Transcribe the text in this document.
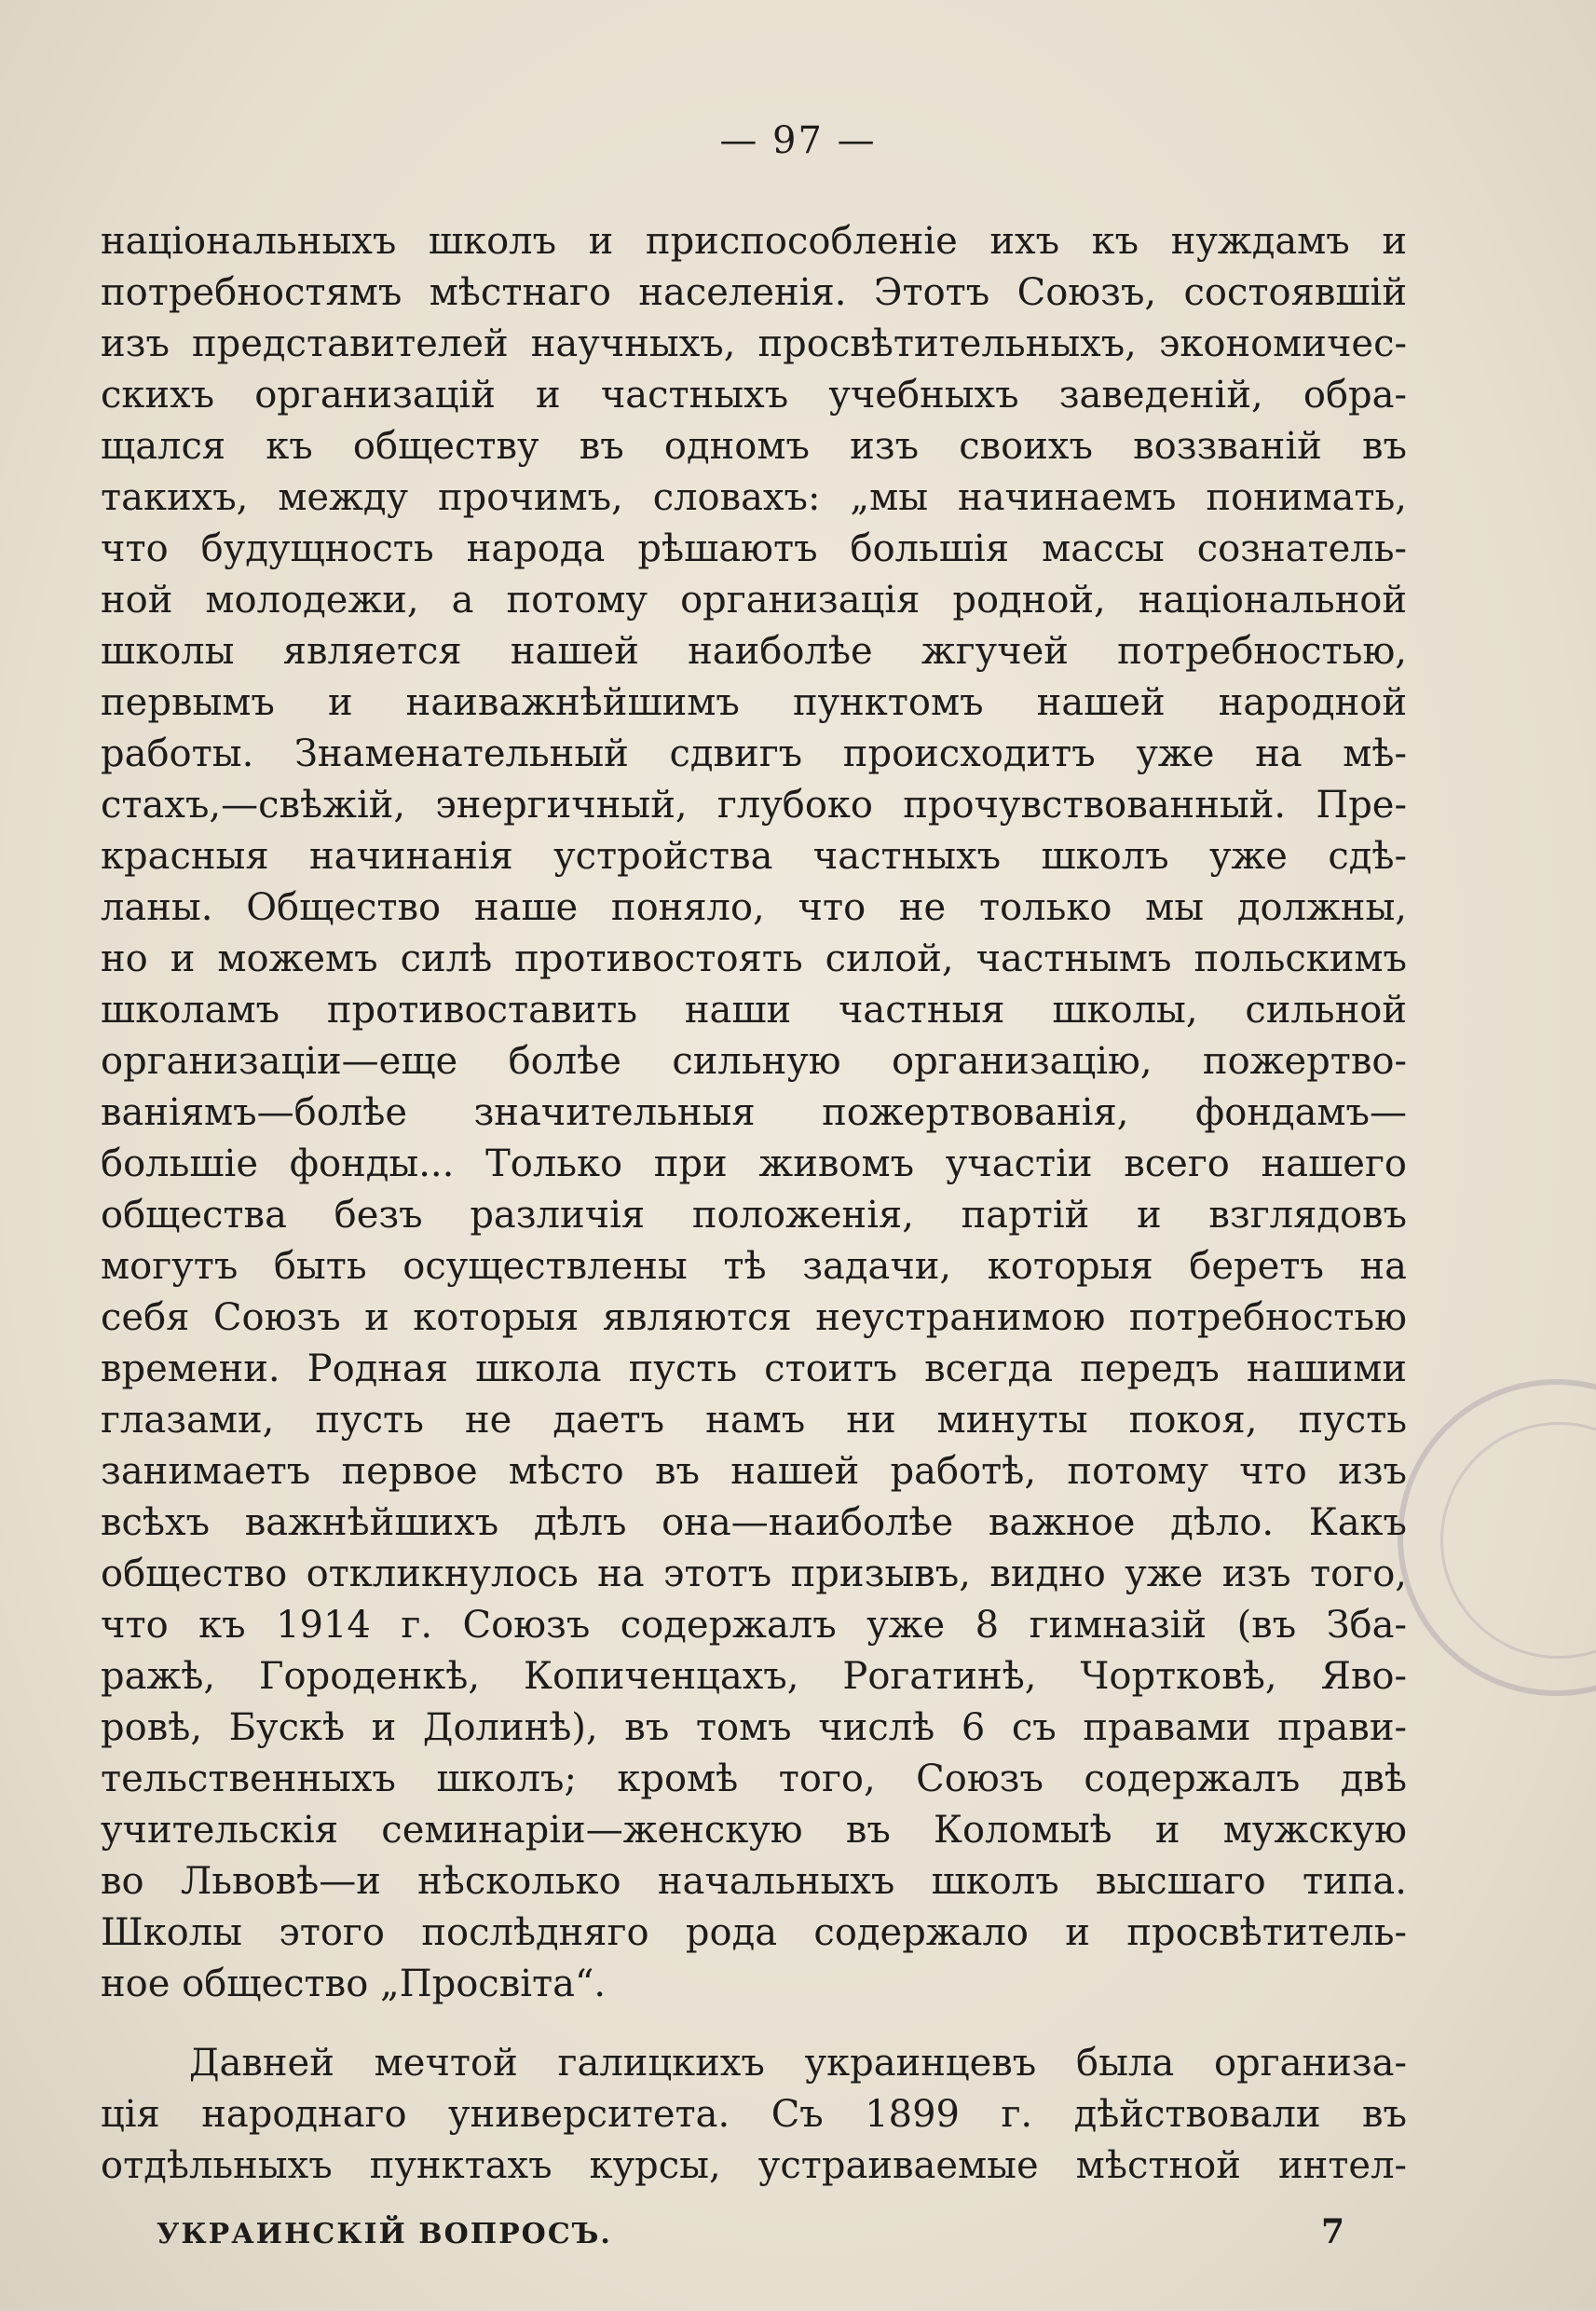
— 97 —
національныхъ школъ и приспособленіе ихъ къ нуждамъ и
потребностямъ мѣстнаго населенія. Этотъ Союзъ, состоявшій
изъ представителей научныхъ, просвѣтительныхъ, экономичес-
скихъ организацій и частныхъ учебныхъ заведеній, обра-
щался къ обществу въ одномъ изъ своихъ воззваній въ
такихъ, между прочимъ, словахъ: „мы начинаемъ понимать,
что будущность народа рѣшаютъ большія массы сознатель-
ной молодежи, а потому организація родной, національной
школы является нашей наиболѣе жгучей потребностью,
первымъ и наиважнѣйшимъ пунктомъ нашей народной
работы. Знаменательный сдвигъ происходитъ уже на мѣ-
стахъ,—свѣжій, энергичный, глубоко прочувствованный. Пре-
красныя начинанія устройства частныхъ школъ уже сдѣ-
ланы. Общество наше поняло, что не только мы должны,
но и можемъ силѣ противостоять силой, частнымъ польскимъ
школамъ противоставить наши частныя школы, сильной
организаціи—еще болѣе сильную организацію, пожертво-
ваніямъ—болѣе значительныя пожертвованія, фондамъ—
большіе фонды... Только при живомъ участіи всего нашего
общества безъ различія положенія, партій и взглядовъ
могутъ быть осуществлены тѣ задачи, которыя беретъ на
себя Союзъ и которыя являются неустранимою потребностью
времени. Родная школа пусть стоитъ всегда передъ нашими
глазами, пусть не даетъ намъ ни минуты покоя, пусть
занимаетъ первое мѣсто въ нашей работѣ, потому что изъ
всѣхъ важнѣйшихъ дѣлъ она—наиболѣе важное дѣло. Какъ
общество откликнулось на этотъ призывъ, видно уже изъ того,
что къ 1914 г. Союзъ содержалъ уже 8 гимназій (въ Зба-
ражѣ, Городенкѣ, Копиченцахъ, Рогатинѣ, Чортковѣ, Яво-
ровѣ, Бускѣ и Долинѣ), въ томъ числѣ 6 съ правами прави-
тельственныхъ школъ; кромѣ того, Союзъ содержалъ двѣ
учительскія семинаріи—женскую въ Коломыѣ и мужскую
во Львовѣ—и нѣсколько начальныхъ школъ высшаго типа.
Школы этого послѣдняго рода содержало и просвѣтитель-
ное общество „Просвіта“.
Давней мечтой галицкихъ украинцевъ была организа-
ція народнаго университета. Съ 1899 г. дѣйствовали въ
отдѣльныхъ пунктахъ курсы, устраиваемые мѣстной интел-
УКРАИНСКІЙ ВОПРОСЪ.	7
